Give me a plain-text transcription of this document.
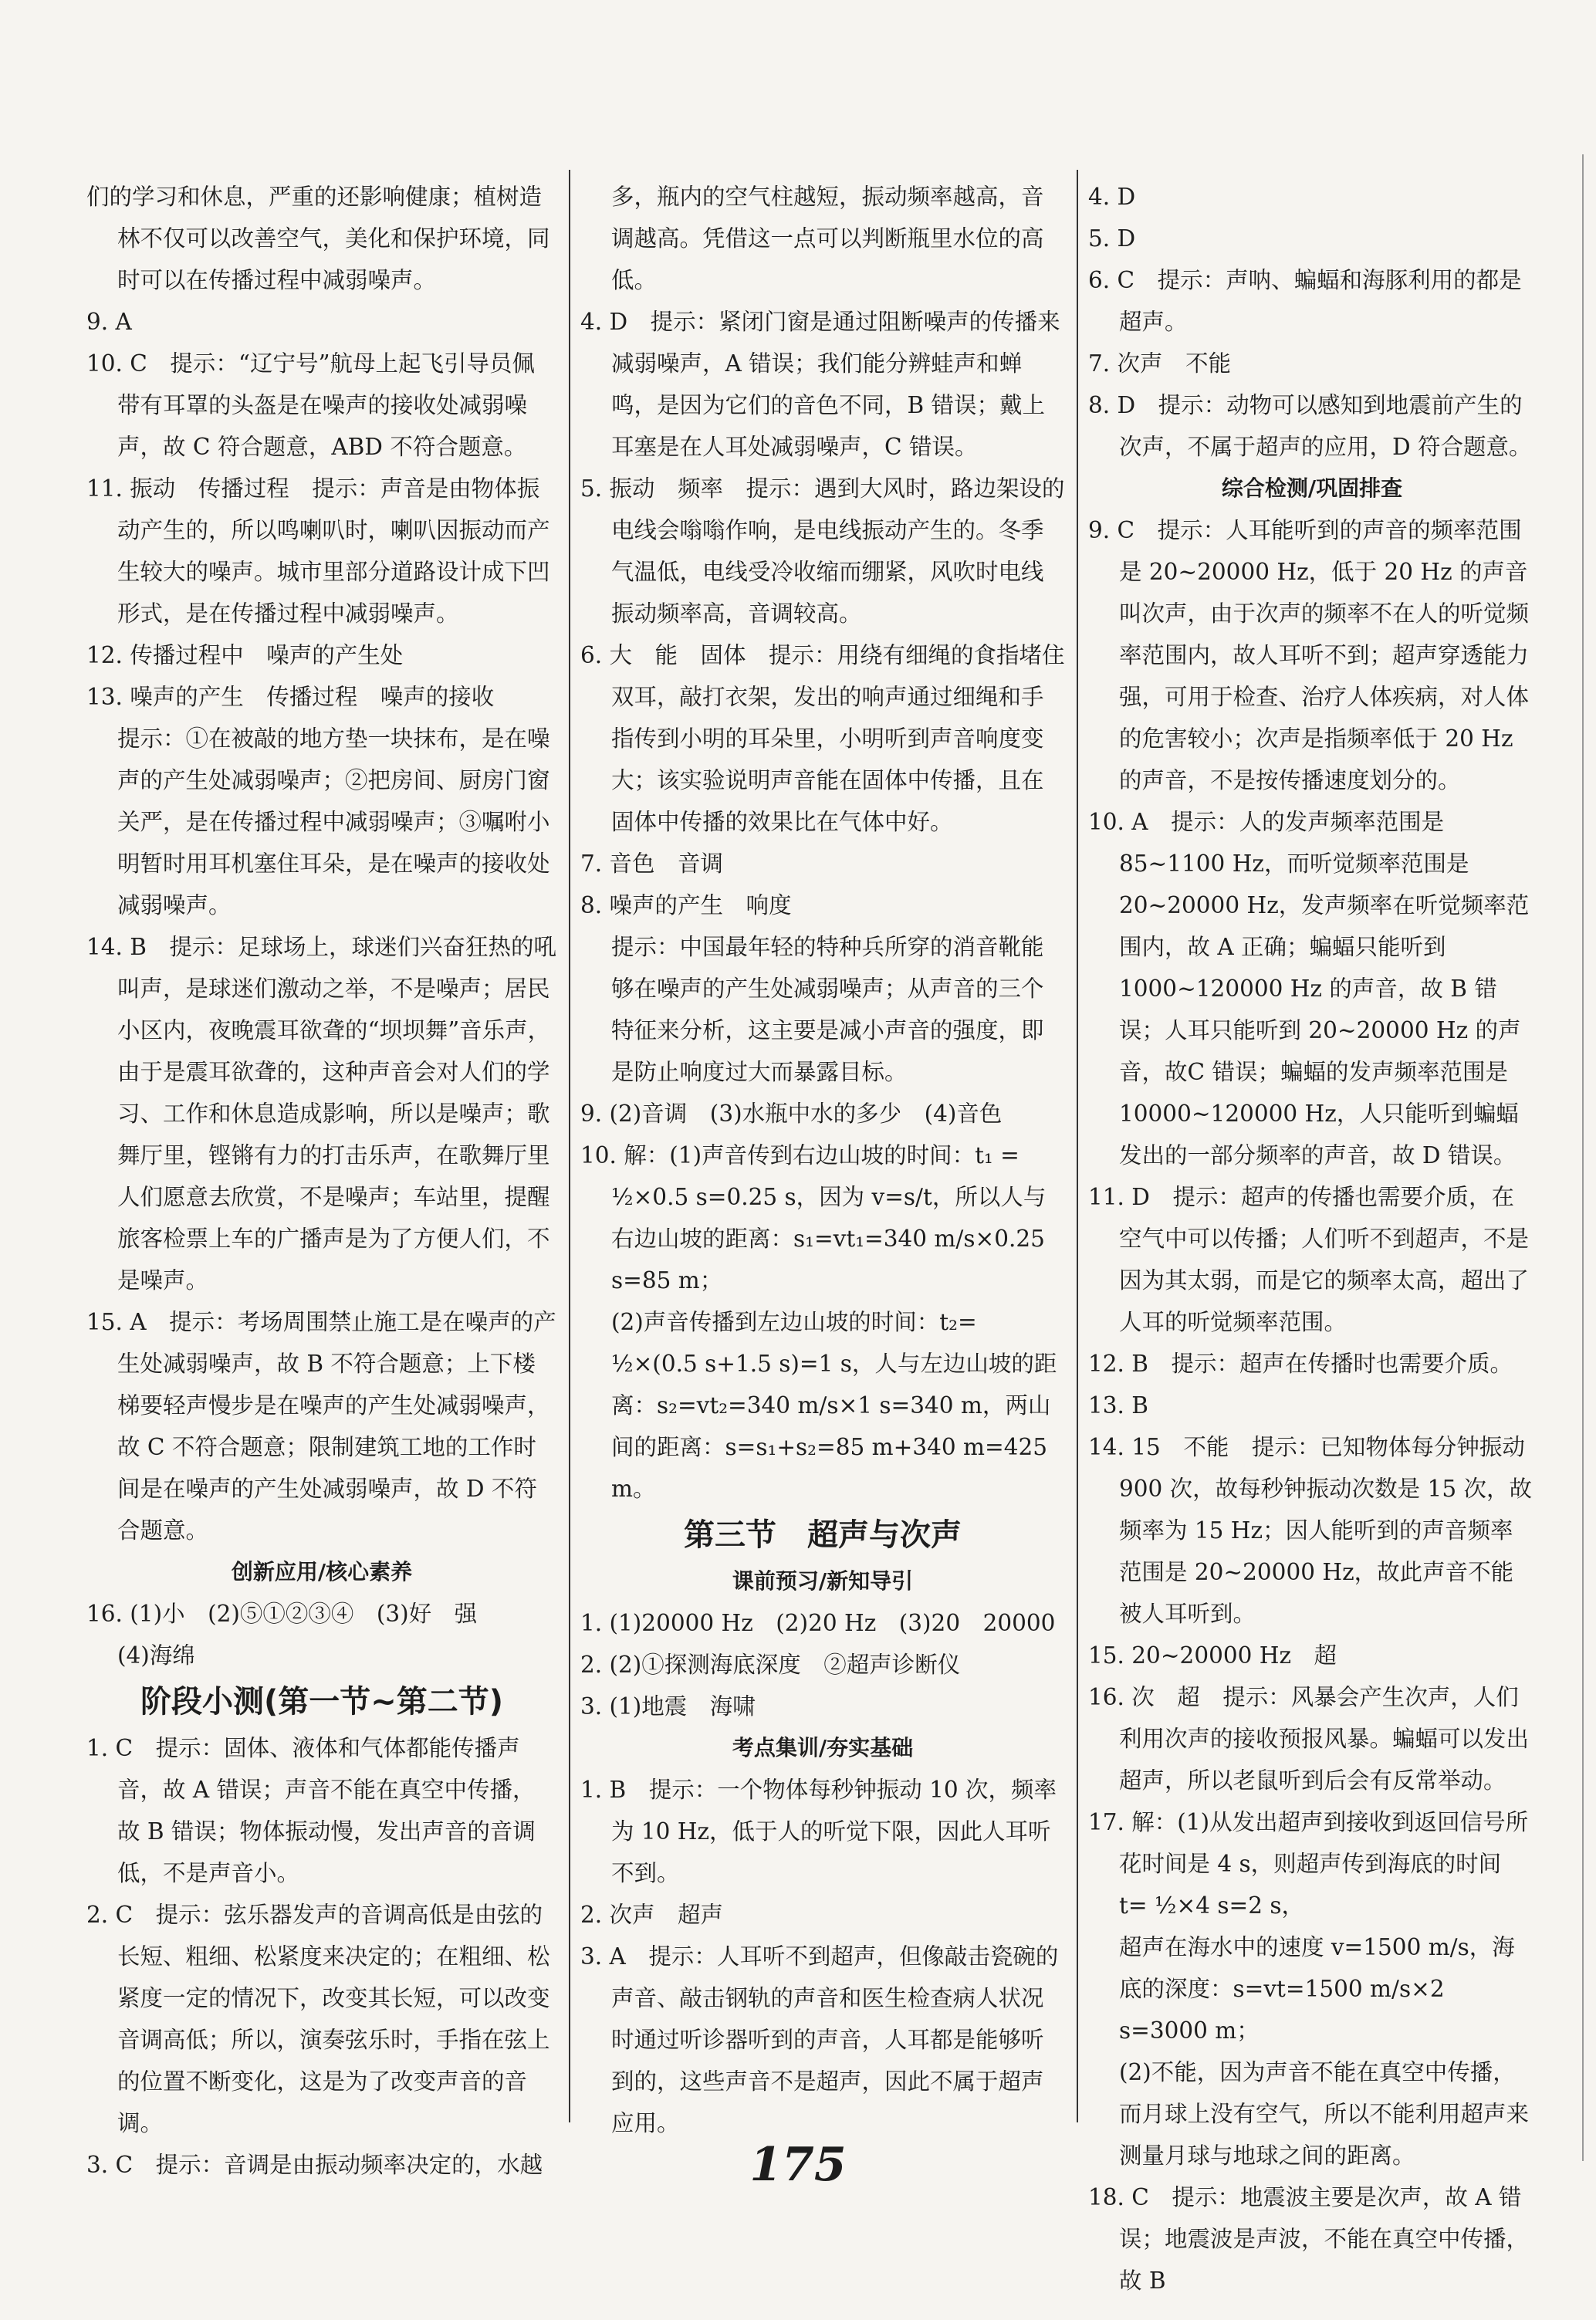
们的学习和休息，严重的还影响健康；植树造林不仅可以改善空气，美化和保护环境，同时可以在传播过程中减弱噪声。

9. A

10. C　提示：“辽宁号”航母上起飞引导员佩带有耳罩的头盔是在噪声的接收处减弱噪声，故 C 符合题意，ABD 不符合题意。

11. 振动　传播过程　提示：声音是由物体振动产生的，所以鸣喇叭时，喇叭因振动而产生较大的噪声。城市里部分道路设计成下凹形式，是在传播过程中减弱噪声。

12. 传播过程中　噪声的产生处

13. 噪声的产生　传播过程　噪声的接收

提示：①在被敲的地方垫一块抹布，是在噪声的产生处减弱噪声；②把房间、厨房门窗关严，是在传播过程中减弱噪声；③嘱咐小明暂时用耳机塞住耳朵，是在噪声的接收处减弱噪声。

14. B　提示：足球场上，球迷们兴奋狂热的吼叫声，是球迷们激动之举，不是噪声；居民小区内，夜晚震耳欲聋的“坝坝舞”音乐声，由于是震耳欲聋的，这种声音会对人们的学习、工作和休息造成影响，所以是噪声；歌舞厅里，铿锵有力的打击乐声，在歌舞厅里人们愿意去欣赏，不是噪声；车站里，提醒旅客检票上车的广播声是为了方便人们，不是噪声。

15. A　提示：考场周围禁止施工是在噪声的产生处减弱噪声，故 B 不符合题意；上下楼梯要轻声慢步是在噪声的产生处减弱噪声，故 C 不符合题意；限制建筑工地的工作时间是在噪声的产生处减弱噪声，故 D 不符合题意。

创新应用/核心素养

16. (1)小　(2)⑤①②③④　(3)好　强

(4)海绵

阶段小测(第一节~第二节)

1. C　提示：固体、液体和气体都能传播声音，故 A 错误；声音不能在真空中传播，故 B 错误；物体振动慢，发出声音的音调低，不是声音小。

2. C　提示：弦乐器发声的音调高低是由弦的长短、粗细、松紧度来决定的；在粗细、松紧度一定的情况下，改变其长短，可以改变音调高低；所以，演奏弦乐时，手指在弦上的位置不断变化，这是为了改变声音的音调。

3. C　提示：音调是由振动频率决定的，水越

多，瓶内的空气柱越短，振动频率越高，音调越高。凭借这一点可以判断瓶里水位的高低。

4. D　提示：紧闭门窗是通过阻断噪声的传播来减弱噪声，A 错误；我们能分辨蛙声和蝉鸣，是因为它们的音色不同，B 错误；戴上耳塞是在人耳处减弱噪声，C 错误。

5. 振动　频率　提示：遇到大风时，路边架设的电线会嗡嗡作响，是电线振动产生的。冬季气温低，电线受冷收缩而绷紧，风吹时电线振动频率高，音调较高。

6. 大　能　固体　提示：用绕有细绳的食指堵住双耳，敲打衣架，发出的响声通过细绳和手指传到小明的耳朵里，小明听到声音响度变大；该实验说明声音能在固体中传播，且在固体中传播的效果比在气体中好。

7. 音色　音调

8. 噪声的产生　响度

提示：中国最年轻的特种兵所穿的消音靴能够在噪声的产生处减弱噪声；从声音的三个特征来分析，这主要是减小声音的强度，即是防止响度过大而暴露目标。

9. (2)音调　(3)水瓶中水的多少　(4)音色

10. 解：(1)声音传到右边山坡的时间：t₁ = ½×0.5 s=0.25 s，因为 v=s/t，所以人与右边山坡的距离：s₁=vt₁=340 m/s×0.25 s=85 m；

(2)声音传播到左边山坡的时间：t₂= ½×(0.5 s+1.5 s)=1 s，人与左边山坡的距离：s₂=vt₂=340 m/s×1 s=340 m，两山间的距离：s=s₁+s₂=85 m+340 m=425 m。

第三节　超声与次声

课前预习/新知导引

1. (1)20000 Hz　(2)20 Hz　(3)20　20000

2. (2)①探测海底深度　②超声诊断仪

3. (1)地震　海啸

考点集训/夯实基础

1. B　提示：一个物体每秒钟振动 10 次，频率为 10 Hz，低于人的听觉下限，因此人耳听不到。

2. 次声　超声

3. A　提示：人耳听不到超声，但像敲击瓷碗的声音、敲击钢轨的声音和医生检查病人状况时通过听诊器听到的声音，人耳都是能够听到的，这些声音不是超声，因此不属于超声应用。

4. D

5. D

6. C　提示：声呐、蝙蝠和海豚利用的都是超声。

7. 次声　不能

8. D　提示：动物可以感知到地震前产生的次声，不属于超声的应用，D 符合题意。

综合检测/巩固排查

9. C　提示：人耳能听到的声音的频率范围是 20~20000 Hz，低于 20 Hz 的声音叫次声，由于次声的频率不在人的听觉频率范围内，故人耳听不到；超声穿透能力强，可用于检查、治疗人体疾病，对人体的危害较小；次声是指频率低于 20 Hz 的声音，不是按传播速度划分的。

10. A　提示：人的发声频率范围是 85~1100 Hz，而听觉频率范围是 20~20000 Hz，发声频率在听觉频率范围内，故 A 正确；蝙蝠只能听到 1000~120000 Hz 的声音，故 B 错误；人耳只能听到 20~20000 Hz 的声音，故C 错误；蝙蝠的发声频率范围是 10000~120000 Hz，人只能听到蝙蝠发出的一部分频率的声音，故 D 错误。

11. D　提示：超声的传播也需要介质，在空气中可以传播；人们听不到超声，不是因为其太弱，而是它的频率太高，超出了人耳的听觉频率范围。

12. B　提示：超声在传播时也需要介质。

13. B

14. 15　不能　提示：已知物体每分钟振动 900 次，故每秒钟振动次数是 15 次，故频率为 15 Hz；因人能听到的声音频率范围是 20~20000 Hz，故此声音不能被人耳听到。

15. 20~20000 Hz　超

16. 次　超　提示：风暴会产生次声，人们利用次声的接收预报风暴。蝙蝠可以发出超声，所以老鼠听到后会有反常举动。

17. 解：(1)从发出超声到接收到返回信号所花时间是 4 s，则超声传到海底的时间 t= ½×4 s=2 s，

超声在海水中的速度 v=1500 m/s，海底的深度：s=vt=1500 m/s×2 s=3000 m；

(2)不能，因为声音不能在真空中传播，而月球上没有空气，所以不能利用超声来测量月球与地球之间的距离。

18. C　提示：地震波主要是次声，故 A 错误；地震波是声波，不能在真空中传播，故 B

175
